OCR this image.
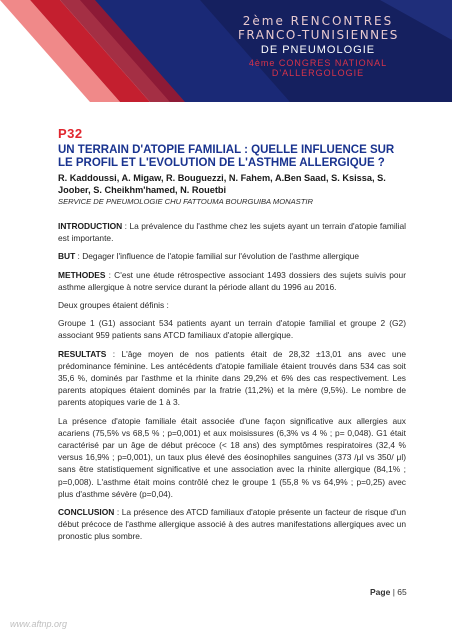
2ème RENCONTRES
FRANCO-TUNISIENNES
DE PNEUMOLOGIE
4ème CONGRES NATIONAL
D'ALLERGOLOGIE
P32
UN TERRAIN D'ATOPIE FAMILIAL : QUELLE INFLUENCE SUR LE PROFIL ET L'EVOLUTION DE L'ASTHME ALLERGIQUE ?
R. Kaddoussi, A. Migaw, R. Bouguezzi, N. Fahem, A.Ben Saad, S. Ksissa, S. Joober, S. Cheikhm'hamed, N. Rouetbi
SERVICE DE PNEUMOLOGIE CHU FATTOUMA BOURGUIBA MONASTIR

INTRODUCTION : La prévalence du l'asthme chez les sujets ayant un terrain d'atopie familial est importante.

BUT : Degager l'influence de l'atopie familial sur l'évolution de l'asthme allergique

METHODES : C'est une étude rétrospective associant 1493 dossiers des sujets suivis pour asthme allergique à notre service durant la période allant du 1996 au 2016.

Deux groupes étaient définis :

Groupe 1 (G1) associant 534 patients ayant un terrain d'atopie familial et groupe 2 (G2) associant 959 patients sans ATCD familiaux d'atopie allergique.

RESULTATS : L'âge moyen de nos patients était de 28,32 ±13,01 ans avec une prédominance féminine. Les antécédents d'atopie familiale étaient trouvés dans 534 cas soit 35,6 %, dominés par l'asthme et la rhinite dans 29,2% et 6% des cas respectivement. Les parents atopiques étaient dominés par la fratrie (11,2%) et la mère (9,5%). Le nombre de parents atopiques varie de 1 à 3.

La présence d'atopie familiale était associée d'une façon significative aux allergies aux acariens (75,5% vs 68,5 % ; p=0,001) et aux moisissures (6,3% vs 4 % ; p= 0,048). G1 était caractérisé par un âge de début précoce (< 18 ans) des symptômes respiratoires (32,4 % versus 16,9% ; p=0,001), un taux plus élevé des éosinophiles sanguines (373 /μl vs 350/ μl) sans être statistiquement significative et une association avec la rhinite allergique (84,1% ; p=0,008). L'asthme était moins contrôlé chez le groupe 1 (55,8 % vs 64,9% ; p=0,25) avec plus d'asthme sévère (p=0,04).

CONCLUSION : La présence des ATCD familiaux d'atopie présente un facteur de risque d'un début précoce de l'asthme allergique associé à des autres manifestations allergiques avec un pronostic plus sombre.

Page | 65
www.aftnp.org
